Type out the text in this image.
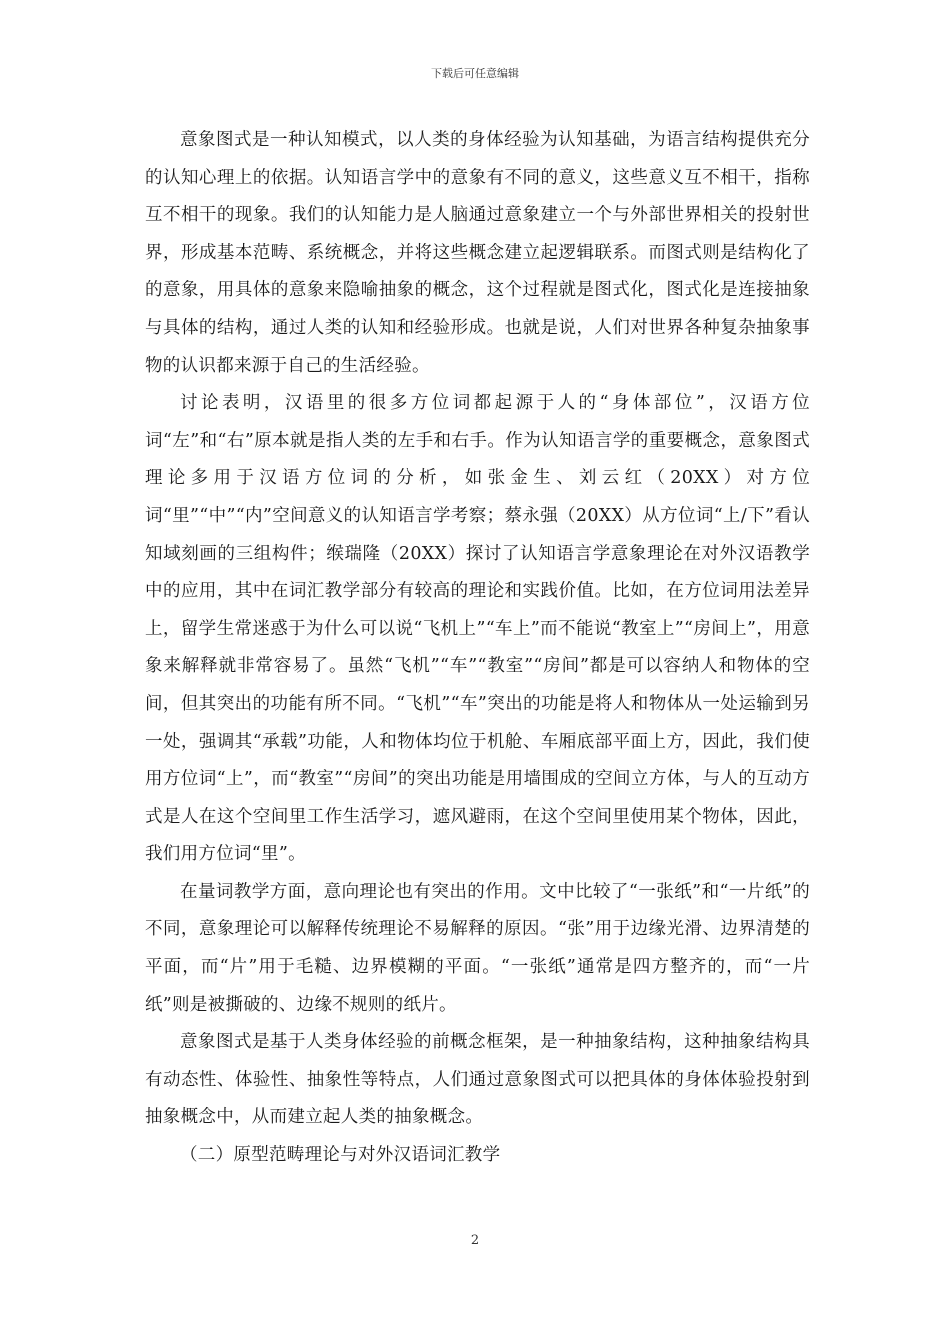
下载后可任意编辑

意象图式是一种认知模式，以人类的身体经验为认知基础，为语言结构提供充分的认知心理上的依据。认知语言学中的意象有不同的意义，这些意义互不相干，指称互不相干的现象。我们的认知能力是人脑通过意象建立一个与外部世界相关的投射世界，形成基本范畴、系统概念，并将这些概念建立起逻辑联系。而图式则是结构化了的意象，用具体的意象来隐喻抽象的概念，这个过程就是图式化，图式化是连接抽象与具体的结构，通过人类的认知和经验形成。也就是说，人们对世界各种复杂抽象事物的认识都来源于自己的生活经验。

讨论表明，汉语里的很多方位词都起源于人的“身体部位”，汉语方位词“左”和“右”原本就是指人类的左手和右手。作为认知语言学的重要概念，意象图式理论多用于汉语方位词的分析，如张金生、刘云红（20XX）对方位词“里”“中”“内”空间意义的认知语言学考察；蔡永强（20XX）从方位词“上/下”看认知域刻画的三组构件；缑瑞隆（20XX）探讨了认知语言学意象理论在对外汉语教学中的应用，其中在词汇教学部分有较高的理论和实践价值。比如，在方位词用法差异上，留学生常迷惑于为什么可以说“飞机上”“车上”而不能说“教室上”“房间上”，用意象来解释就非常容易了。虽然“飞机”“车”“教室”“房间”都是可以容纳人和物体的空间，但其突出的功能有所不同。“飞机”“车”突出的功能是将人和物体从一处运输到另一处，强调其“承载”功能，人和物体均位于机舱、车厢底部平面上方，因此，我们使用方位词“上”，而“教室”“房间”的突出功能是用墙围成的空间立方体，与人的互动方式是人在这个空间里工作生活学习，遮风避雨，在这个空间里使用某个物体，因此，我们用方位词“里”。

在量词教学方面，意向理论也有突出的作用。文中比较了“一张纸”和“一片纸”的不同，意象理论可以解释传统理论不易解释的原因。“张”用于边缘光滑、边界清楚的平面，而“片”用于毛糙、边界模糊的平面。“一张纸”通常是四方整齐的，而“一片纸”则是被撕破的、边缘不规则的纸片。

意象图式是基于人类身体经验的前概念框架，是一种抽象结构，这种抽象结构具有动态性、体验性、抽象性等特点，人们通过意象图式可以把具体的身体体验投射到抽象概念中，从而建立起人类的抽象概念。

（二）原型范畴理论与对外汉语词汇教学

2
